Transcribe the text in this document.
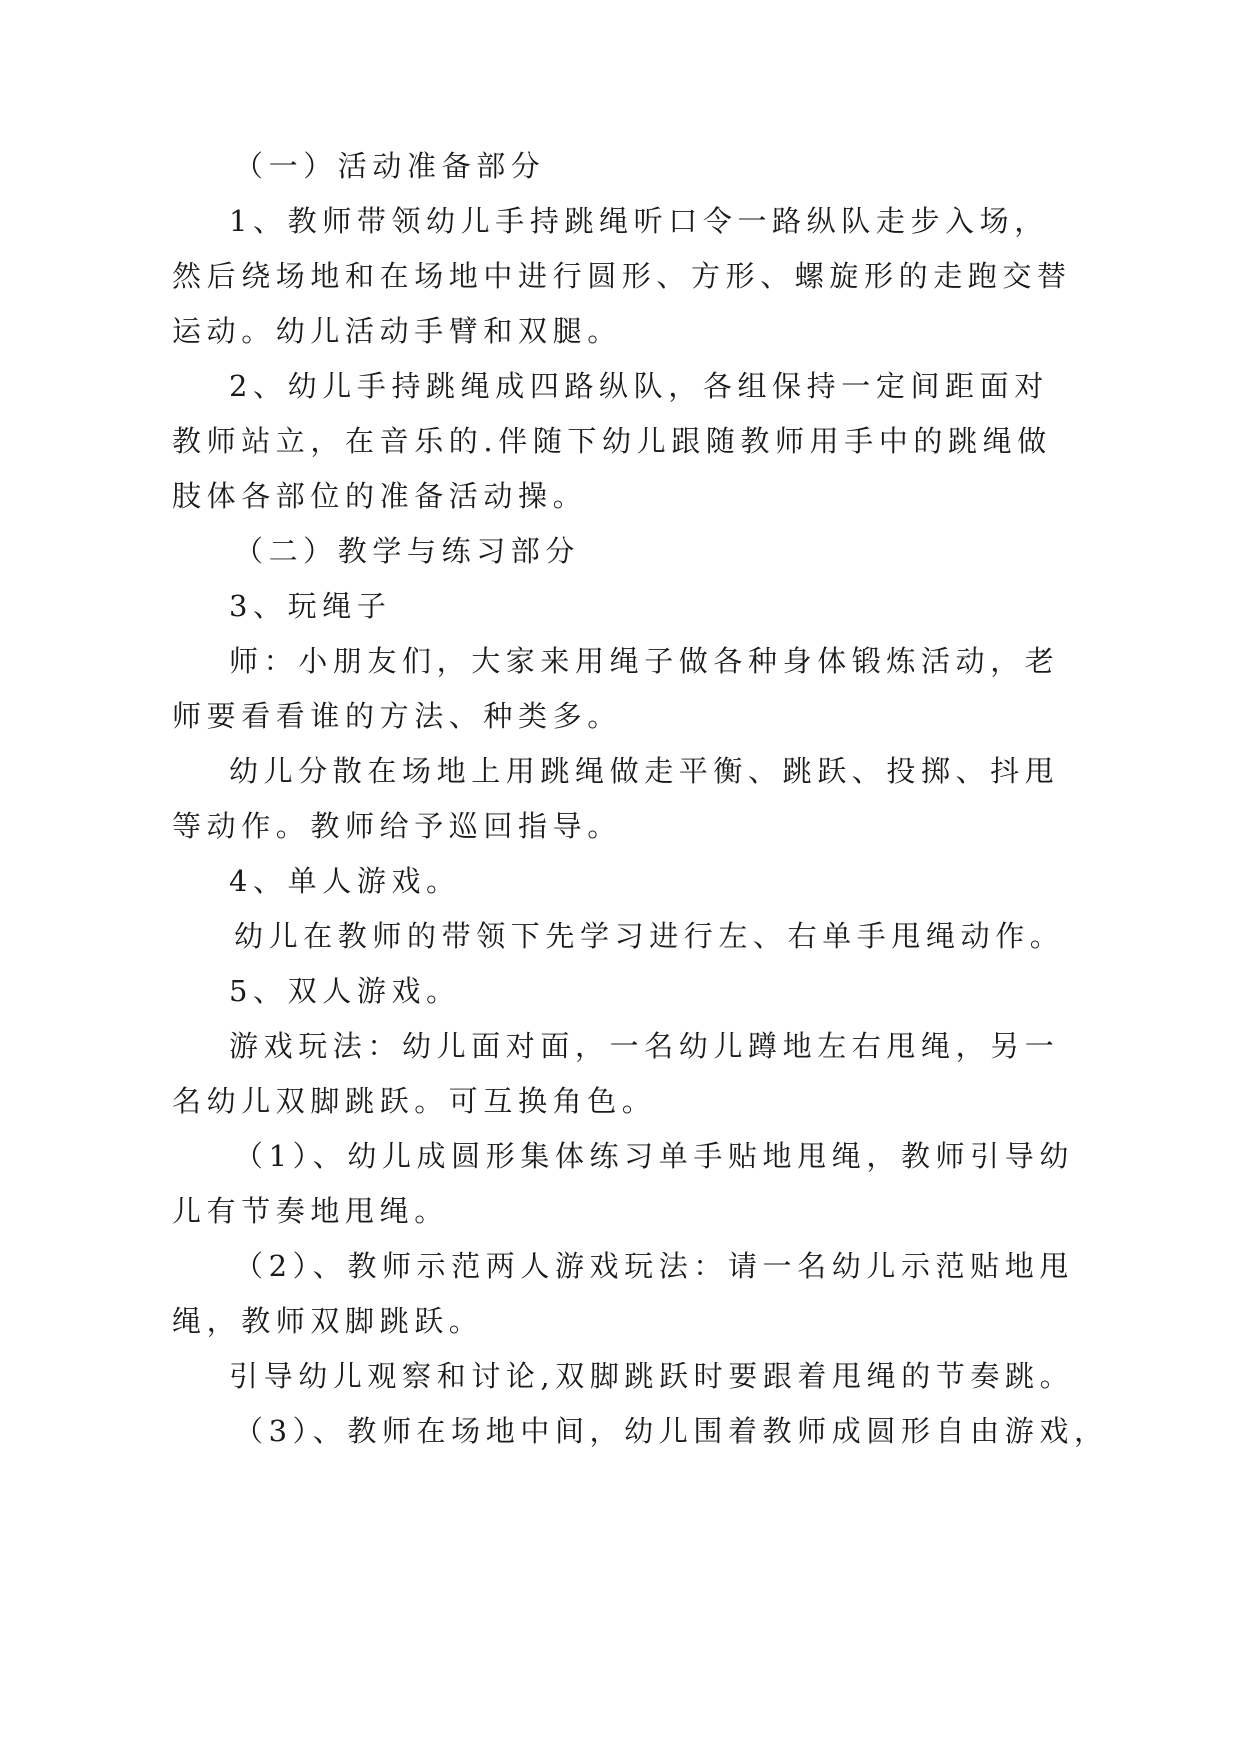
（一）活动准备部分
1、教师带领幼儿手持跳绳听口令一路纵队走步入场，
然后绕场地和在场地中进行圆形、方形、螺旋形的走跑交替
运动。幼儿活动手臂和双腿。
2、幼儿手持跳绳成四路纵队，各组保持一定间距面对
教师站立，在音乐的.伴随下幼儿跟随教师用手中的跳绳做
肢体各部位的准备活动操。
（二）教学与练习部分
3、玩绳子
师：小朋友们，大家来用绳子做各种身体锻炼活动，老
师要看看谁的方法、种类多。
幼儿分散在场地上用跳绳做走平衡、跳跃、投掷、抖甩
等动作。教师给予巡回指导。
4、单人游戏。
幼儿在教师的带领下先学习进行左、右单手甩绳动作。
5、双人游戏。
游戏玩法：幼儿面对面，一名幼儿蹲地左右甩绳，另一
名幼儿双脚跳跃。可互换角色。
（1）、幼儿成圆形集体练习单手贴地甩绳，教师引导幼
儿有节奏地甩绳。
（2）、教师示范两人游戏玩法：请一名幼儿示范贴地甩
绳，教师双脚跳跃。
引导幼儿观察和讨论,双脚跳跃时要跟着甩绳的节奏跳。
（3）、教师在场地中间，幼儿围着教师成圆形自由游戏，
